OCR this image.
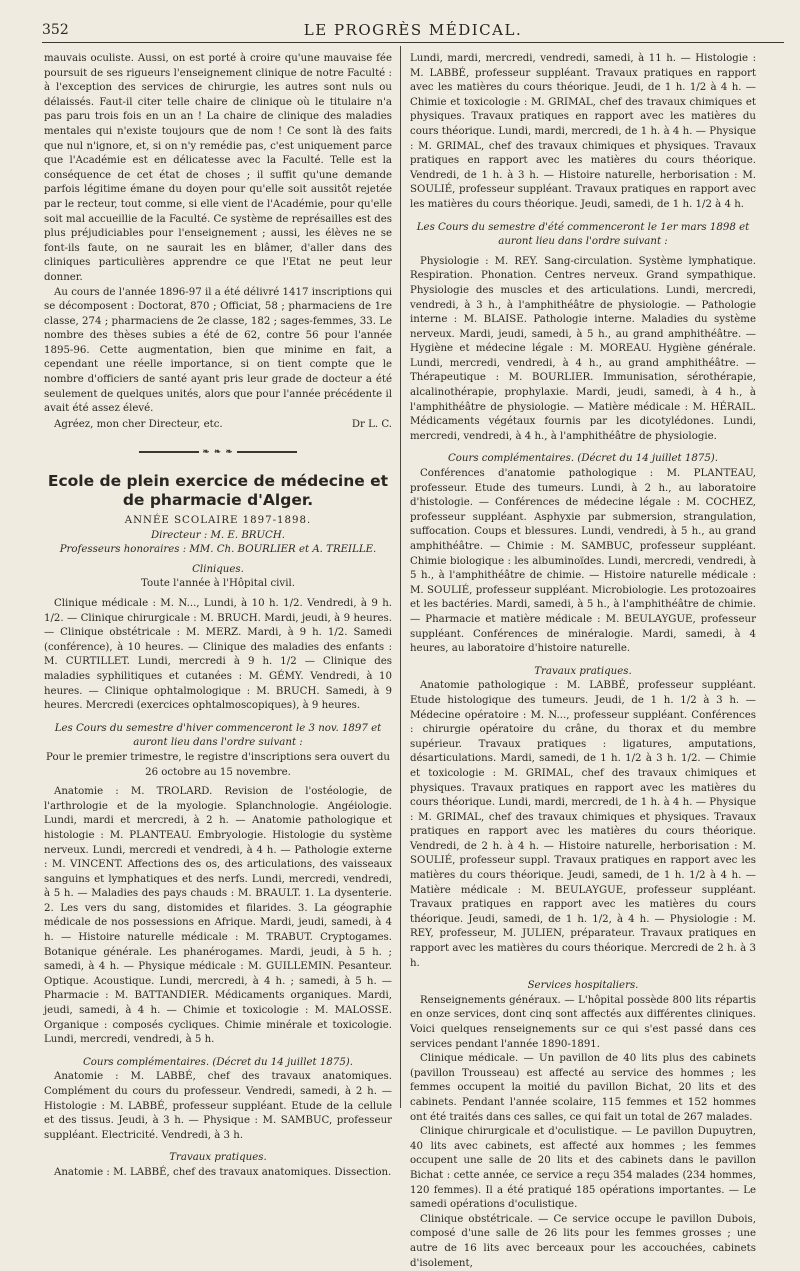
352	LE PROGRÈS MÉDICAL.

mauvais oculiste. Aussi, on est porté à croire qu'une mauvaise fée poursuit de ses rigueurs l'enseignement clinique de notre Faculté : à l'exception des services de chirurgie, les autres sont nuls ou délaissés. Faut-il citer telle chaire de clinique où le titulaire n'a pas paru trois fois en un an ! La chaire de clinique des maladies mentales qui n'existe toujours que de nom ! Ce sont là des faits que nul n'ignore, et, si on n'y remédie pas, c'est uniquement parce que l'Académie est en délicatesse avec la Faculté. Telle est la conséquence de cet état de choses ; il suffit qu'une demande parfois légitime émane du doyen pour qu'elle soit aussitôt rejetée par le recteur, tout comme, si elle vient de l'Académie, pour qu'elle soit mal accueillie de la Faculté. Ce système de représailles est des plus préjudiciables pour l'enseignement ; aussi, les élèves ne se font-ils faute, on ne saurait les en blâmer, d'aller dans des cliniques particulières apprendre ce que l'Etat ne peut leur donner.

Au cours de l'année 1896-97 il a été délivré 1417 inscriptions qui se décomposent : Doctorat, 870 ; Officiat, 58 ; pharmaciens de 1re classe, 274 ; pharmaciens de 2e classe, 182 ; sages-femmes, 33. Le nombre des thèses subies a été de 62, contre 56 pour l'année 1895-96. Cette augmentation, bien que minime en fait, a cependant une réelle importance, si on tient compte que le nombre d'officiers de santé ayant pris leur grade de docteur a été seulement de quelques unités, alors que pour l'année précédente il avait été assez élevé.

Dr L. C.

Agréez, mon cher Directeur, etc.

❧ ❧ ❧
Ecole de plein exercice de médecine et de pharmacie d'Alger.

ANNÉE SCOLAIRE 1897-1898.

Directeur : M. E. BRUCH.

Professeurs honoraires : MM. Ch. BOURLIER et A. TREILLE.

Cliniques.

Toute l'année à l'Hôpital civil.

Clinique médicale : M. N..., Lundi, à 10 h. 1/2. Vendredi, à 9 h. 1/2. — Clinique chirurgicale : M. BRUCH. Mardi, jeudi, à 9 heures. — Clinique obstétricale : M. MERZ. Mardi, à 9 h. 1/2. Samedi (conférence), à 10 heures. — Clinique des maladies des enfants : M. CURTILLET. Lundi, mercredi à 9 h. 1/2 — Clinique des maladies syphilitiques et cutanées : M. GÉMY. Vendredi, à 10 heures. — Clinique ophtalmologique : M. BRUCH. Samedi, à 9 heures. Mercredi (exercices ophtalmoscopiques), à 9 heures.

Les Cours du semestre d'hiver commenceront le 3 nov. 1897 et auront lieu dans l'ordre suivant :

Pour le premier trimestre, le registre d'inscriptions sera ouvert du 26 octobre au 15 novembre.

Anatomie : M. TROLARD. Revision de l'ostéologie, de l'arthrologie et de la myologie. Splanchnologie. Angéiologie. Lundi, mardi et mercredi, à 2 h. — Anatomie pathologique et histologie : M. PLANTEAU. Embryologie. Histologie du système nerveux. Lundi, mercredi et vendredi, à 4 h. — Pathologie externe : M. VINCENT. Affections des os, des articulations, des vaisseaux sanguins et lymphatiques et des nerfs. Lundi, mercredi, vendredi, à 5 h. — Maladies des pays chauds : M. BRAULT. 1. La dysenterie. 2. Les vers du sang, distomides et filarides. 3. La géographie médicale de nos possessions en Afrique. Mardi, jeudi, samedi, à 4 h. — Histoire naturelle médicale : M. TRABUT. Cryptogames. Botanique générale. Les phanérogames. Mardi, jeudi, à 5 h. ; samedi, à 4 h. — Physique médicale : M. GUILLEMIN. Pesanteur. Optique. Acoustique. Lundi, mercredi, à 4 h. ; samedi, à 5 h. — Pharmacie : M. BATTANDIER. Médicaments organiques. Mardi, jeudi, samedi, à 4 h. — Chimie et toxicologie : M. MALOSSE. Organique : composés cycliques. Chimie minérale et toxicologie. Lundi, mercredi, vendredi, à 5 h.

Cours complémentaires. (Décret du 14 juillet 1875).

Anatomie : M. LABBÉ, chef des travaux anatomiques. Complément du cours du professeur. Vendredi, samedi, à 2 h. — Histologie : M. LABBÉ, professeur suppléant. Etude de la cellule et des tissus. Jeudi, à 3 h. — Physique : M. SAMBUC, professeur suppléant. Electricité. Vendredi, à 3 h.

Travaux pratiques.

Anatomie : M. LABBÉ, chef des travaux anatomiques. Dissection.

Lundi, mardi, mercredi, vendredi, samedi, à 11 h. — Histologie : M. LABBÉ, professeur suppléant. Travaux pratiques en rapport avec les matières du cours théorique. Jeudi, de 1 h. 1/2 à 4 h. — Chimie et toxicologie : M. GRIMAL, chef des travaux chimiques et physiques. Travaux pratiques en rapport avec les matières du cours théorique. Lundi, mardi, mercredi, de 1 h. à 4 h. — Physique : M. GRIMAL, chef des travaux chimiques et physiques. Travaux pratiques en rapport avec les matières du cours théorique. Vendredi, de 1 h. à 3 h. — Histoire naturelle, herborisation : M. SOULIÉ, professeur suppléant. Travaux pratiques en rapport avec les matières du cours théorique. Jeudi, samedi, de 1 h. 1/2 à 4 h.

Les Cours du semestre d'été commenceront le 1er mars 1898 et auront lieu dans l'ordre suivant :

Physiologie : M. REY. Sang-circulation. Système lymphatique. Respiration. Phonation. Centres nerveux. Grand sympathique. Physiologie des muscles et des articulations. Lundi, mercredi, vendredi, à 3 h., à l'amphithéâtre de physiologie. — Pathologie interne : M. BLAISE. Pathologie interne. Maladies du système nerveux. Mardi, jeudi, samedi, à 5 h., au grand amphithéâtre. — Hygiène et médecine légale : M. MOREAU. Hygiène générale. Lundi, mercredi, vendredi, à 4 h., au grand amphithéâtre. — Thérapeutique : M. BOURLIER. Immunisation, sérothérapie, alcalinothérapie, prophylaxie. Mardi, jeudi, samedi, à 4 h., à l'amphithéâtre de physiologie. — Matière médicale : M. HÉRAIL. Médicaments végétaux fournis par les dicotylédones. Lundi, mercredi, vendredi, à 4 h., à l'amphithéâtre de physiologie.

Cours complémentaires. (Décret du 14 juillet 1875).

Conférences d'anatomie pathologique : M. PLANTEAU, professeur. Etude des tumeurs. Lundi, à 2 h., au laboratoire d'histologie. — Conférences de médecine légale : M. COCHEZ, professeur suppléant. Asphyxie par submersion, strangulation, suffocation. Coups et blessures. Lundi, vendredi, à 5 h., au grand amphithéâtre. — Chimie : M. SAMBUC, professeur suppléant. Chimie biologique : les albuminoïdes. Lundi, mercredi, vendredi, à 5 h., à l'amphithéâtre de chimie. — Histoire naturelle médicale : M. SOULIÉ, professeur suppléant. Microbiologie. Les protozoaires et les bactéries. Mardi, samedi, à 5 h., à l'amphithéâtre de chimie. — Pharmacie et matière médicale : M. BEULAYGUE, professeur suppléant. Conférences de minéralogie. Mardi, samedi, à 4 heures, au laboratoire d'histoire naturelle.

Travaux pratiques.

Anatomie pathologique : M. LABBÉ, professeur suppléant. Etude histologique des tumeurs. Jeudi, de 1 h. 1/2 à 3 h. — Médecine opératoire : M. N..., professeur suppléant. Conférences : chirurgie opératoire du crâne, du thorax et du membre supérieur. Travaux pratiques : ligatures, amputations, désarticulations. Mardi, samedi, de 1 h. 1/2 à 3 h. 1/2. — Chimie et toxicologie : M. GRIMAL, chef des travaux chimiques et physiques. Travaux pratiques en rapport avec les matières du cours théorique. Lundi, mardi, mercredi, de 1 h. à 4 h. — Physique : M. GRIMAL, chef des travaux chimiques et physiques. Travaux pratiques en rapport avec les matières du cours théorique. Vendredi, de 2 h. à 4 h. — Histoire naturelle, herborisation : M. SOULIÉ, professeur suppl. Travaux pratiques en rapport avec les matières du cours théorique. Jeudi, samedi, de 1 h. 1/2 à 4 h. — Matière médicale : M. BEULAYGUE, professeur suppléant. Travaux pratiques en rapport avec les matières du cours théorique. Jeudi, samedi, de 1 h. 1/2, à 4 h. — Physiologie : M. REY, professeur, M. JULIEN, préparateur. Travaux pratiques en rapport avec les matières du cours théorique. Mercredi de 2 h. à 3 h.

Services hospitaliers.

Renseignements généraux. — L'hôpital possède 800 lits répartis en onze services, dont cinq sont affectés aux différentes cliniques. Voici quelques renseignements sur ce qui s'est passé dans ces services pendant l'année 1890-1891.

Clinique médicale. — Un pavillon de 40 lits plus des cabinets (pavillon Trousseau) est affecté au service des hommes ; les femmes occupent la moitié du pavillon Bichat, 20 lits et des cabinets. Pendant l'année scolaire, 115 femmes et 152 hommes ont été traités dans ces salles, ce qui fait un total de 267 malades.

Clinique chirurgicale et d'oculistique. — Le pavillon Dupuytren, 40 lits avec cabinets, est affecté aux hommes ; les femmes occupent une salle de 20 lits et des cabinets dans le pavillon Bichat : cette année, ce service a reçu 354 malades (234 hommes, 120 femmes). Il a été pratiqué 185 opérations importantes. — Le samedi opérations d'oculistique.

Clinique obstétricale. — Ce service occupe le pavillon Dubois, composé d'une salle de 26 lits pour les femmes grosses ; une autre de 16 lits avec berceaux pour les accouchées, cabinets d'isolement,
